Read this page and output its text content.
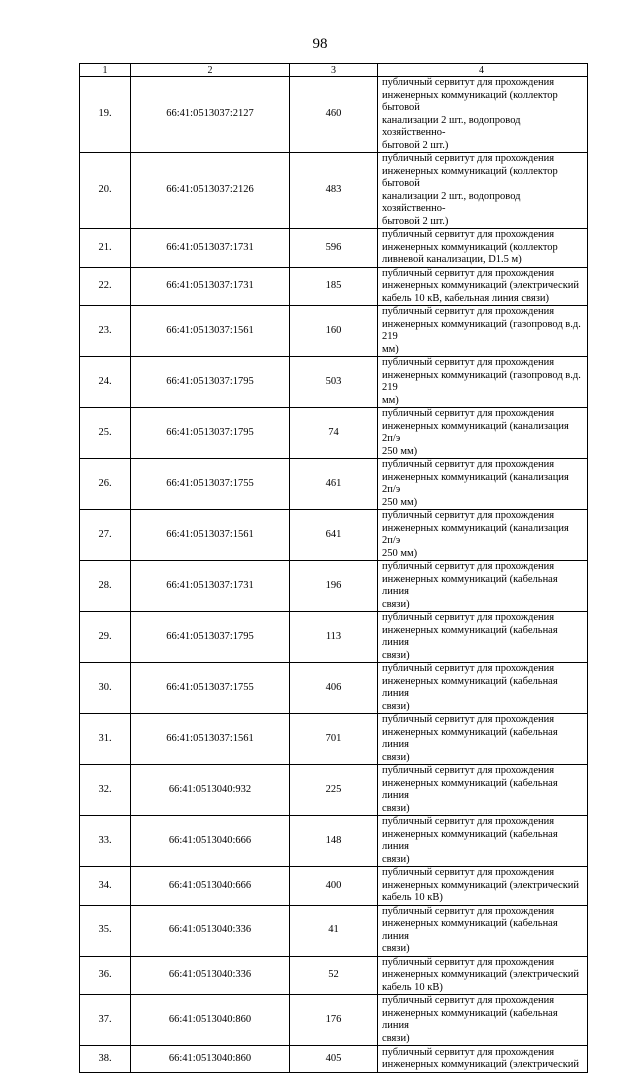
98
1	2	3	4
19.	66:41:0513037:2127	460	публичный сервитут для прохождения
инженерных коммуникаций (коллектор бытовой
канализации 2 шт., водопровод хозяйственно-
бытовой 2 шт.)

20.	66:41:0513037:2126	483	публичный сервитут для прохождения
инженерных коммуникаций (коллектор бытовой
канализации 2 шт., водопровод хозяйственно-
бытовой 2 шт.)

21.	66:41:0513037:1731	596	публичный сервитут для прохождения
инженерных коммуникаций (коллектор
ливневой канализации, D1.5 м)

22.	66:41:0513037:1731	185	публичный сервитут для прохождения
инженерных коммуникаций (электрический
кабель 10 кВ, кабельная линия связи)

23.	66:41:0513037:1561	160	публичный сервитут для прохождения
инженерных коммуникаций (газопровод в.д. 219
мм)

24.	66:41:0513037:1795	503	публичный сервитут для прохождения
инженерных коммуникаций (газопровод в.д. 219
мм)

25.	66:41:0513037:1795	74	публичный сервитут для прохождения
инженерных коммуникаций (канализация 2п/э
250 мм)

26.	66:41:0513037:1755	461	публичный сервитут для прохождения
инженерных коммуникаций (канализация 2п/э
250 мм)

27.	66:41:0513037:1561	641	публичный сервитут для прохождения
инженерных коммуникаций (канализация 2п/э
250 мм)

28.	66:41:0513037:1731	196	публичный сервитут для прохождения
инженерных коммуникаций (кабельная линия
связи)

29.	66:41:0513037:1795	113	публичный сервитут для прохождения
инженерных коммуникаций (кабельная линия
связи)

30.	66:41:0513037:1755	406	публичный сервитут для прохождения
инженерных коммуникаций (кабельная линия
связи)

31.	66:41:0513037:1561	701	публичный сервитут для прохождения
инженерных коммуникаций (кабельная линия
связи)

32.	66:41:0513040:932	225	публичный сервитут для прохождения
инженерных коммуникаций (кабельная линия
связи)

33.	66:41:0513040:666	148	публичный сервитут для прохождения
инженерных коммуникаций (кабельная линия
связи)

34.	66:41:0513040:666	400	публичный сервитут для прохождения
инженерных коммуникаций (электрический
кабель 10 кВ)

35.	66:41:0513040:336	41	публичный сервитут для прохождения
инженерных коммуникаций (кабельная линия
связи)

36.	66:41:0513040:336	52	публичный сервитут для прохождения
инженерных коммуникаций (электрический
кабель 10 кВ)

37.	66:41:0513040:860	176	публичный сервитут для прохождения
инженерных коммуникаций (кабельная линия
связи)

38.	66:41:0513040:860	405	публичный сервитут для прохождения
инженерных коммуникаций (электрический
